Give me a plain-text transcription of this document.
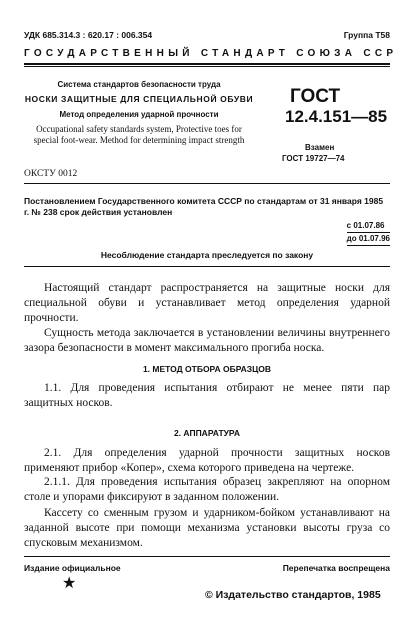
УДК 685.314.3 : 620.17 : 006.354	Группа Т58
ГОСУДАРСТВЕННЫЙ СТАНДАРТ СОЮЗА ССР
Система стандартов безопасности труда
НОСКИ ЗАЩИТНЫЕ ДЛЯ СПЕЦИАЛЬНОЙ ОБУВИ
Метод определения ударной прочности
Occupational safety standards system, Protective toes for special foot-wear. Method for determining impact strength
ГОСТ
12.4.151—85
Взамен
ГОСТ 19727—74
ОКСТУ 0012
Постановлением Государственного комитета СССР по стандартам от 31 января 1985 г. № 238 срок действия установлен
с 01.07.86
до 01.07.96
Несоблюдение стандарта преследуется по закону
Настоящий стандарт распространяется на защитные носки для специальной обуви и устанавливает метод определения ударной прочности.
Сущность метода заключается в установлении величины внутреннего зазора безопасности в момент максимального прогиба носка.
1. МЕТОД ОТБОРА ОБРАЗЦОВ
1.1. Для проведения испытания отбирают не менее пяти пар защитных носков.
2. АППАРАТУРА
2.1. Для определения ударной прочности защитных носков применяют прибор «Копер», схема которого приведена на чертеже.
2.1.1. Для проведения испытания образец закрепляют на опорном столе и упорами фиксируют в заданном положении.
Кассету со сменным грузом и ударником-бойком устанавливают на заданной высоте при помощи механизма установки высоты груза со спусковым механизмом.
Издание официальное	Перепечатка воспрещена
★
© Издательство стандартов, 1985
